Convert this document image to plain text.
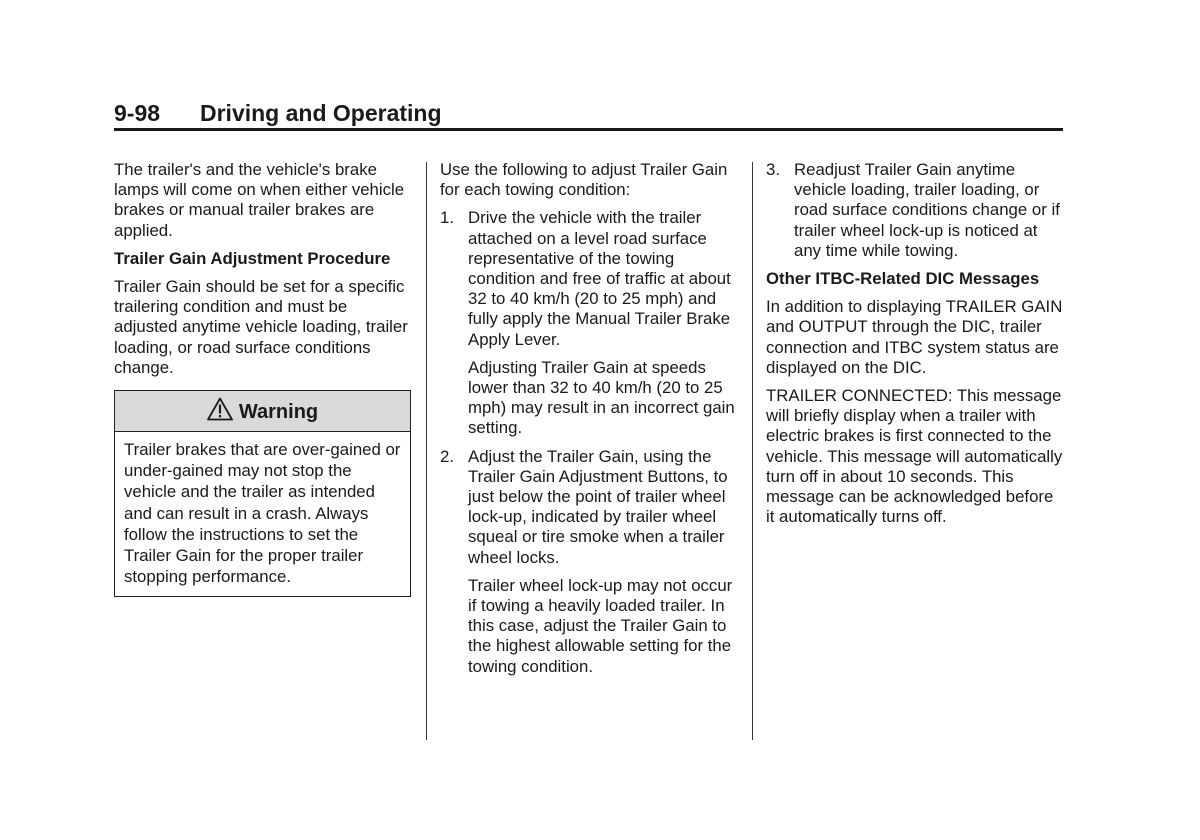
9-98	Driving and Operating

The trailer's and the vehicle's brake lamps will come on when either vehicle brakes or manual trailer brakes are applied.

Trailer Gain Adjustment Procedure

Trailer Gain should be set for a specific trailering condition and must be adjusted anytime vehicle loading, trailer loading, or road surface conditions change.

Warning
Trailer brakes that are over-gained or under-gained may not stop the vehicle and the trailer as intended and can result in a crash. Always follow the instructions to set the Trailer Gain for the proper trailer stopping performance.

Use the following to adjust Trailer Gain for each towing condition:

1. Drive the vehicle with the trailer attached on a level road surface representative of the towing condition and free of traffic at about 32 to 40 km/h (20 to 25 mph) and fully apply the Manual Trailer Brake Apply Lever.

Adjusting Trailer Gain at speeds lower than 32 to 40 km/h (20 to 25 mph) may result in an incorrect gain setting.

2. Adjust the Trailer Gain, using the Trailer Gain Adjustment Buttons, to just below the point of trailer wheel lock-up, indicated by trailer wheel squeal or tire smoke when a trailer wheel locks.

Trailer wheel lock-up may not occur if towing a heavily loaded trailer. In this case, adjust the Trailer Gain to the highest allowable setting for the towing condition.

3. Readjust Trailer Gain anytime vehicle loading, trailer loading, or road surface conditions change or if trailer wheel lock-up is noticed at any time while towing.

Other ITBC-Related DIC Messages

In addition to displaying TRAILER GAIN and OUTPUT through the DIC, trailer connection and ITBC system status are displayed on the DIC.

TRAILER CONNECTED: This message will briefly display when a trailer with electric brakes is first connected to the vehicle. This message will automatically turn off in about 10 seconds. This message can be acknowledged before it automatically turns off.
